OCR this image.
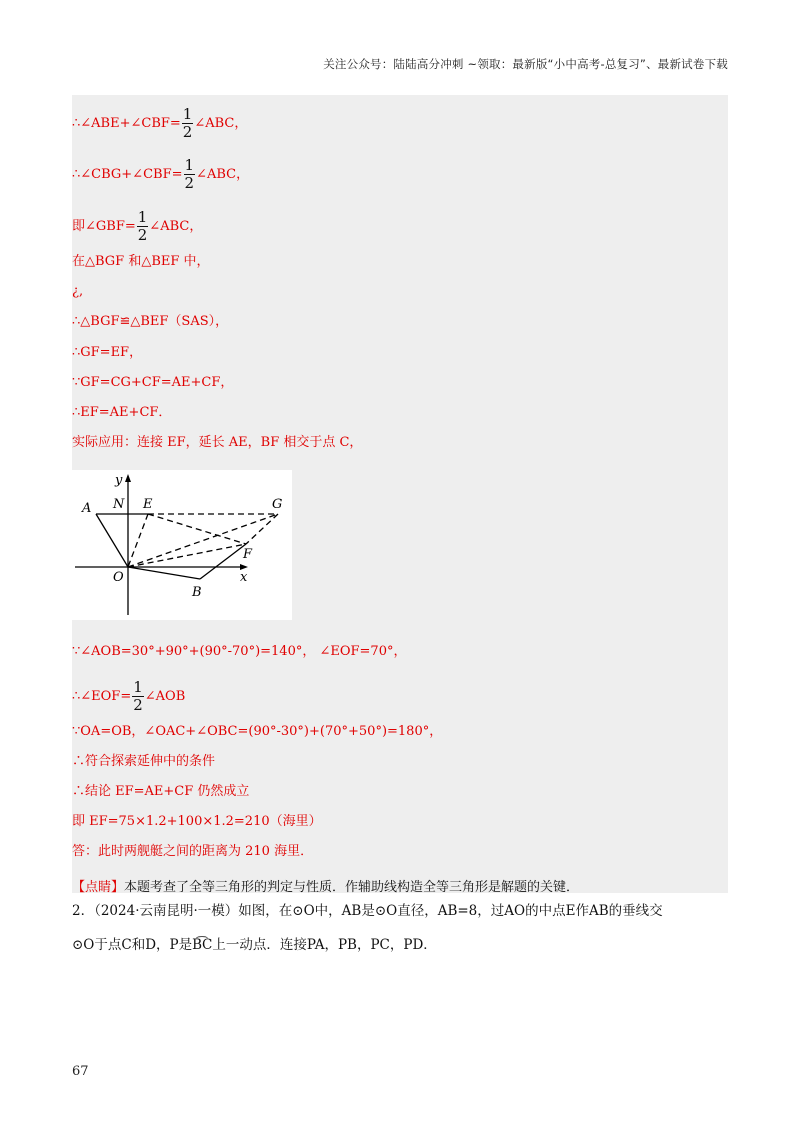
关注公众号：陆陆高分冲刺 ~领取：最新版“小中高考-总复习”、最新试卷下载
∴∠ABE+∠CBF= $\frac{1}{2}$ ∠ABC，
∴∠CBG+∠CBF= $\frac{1}{2}$ ∠ABC，
即∠GBF= $\frac{1}{2}$ ∠ABC，
在△BGF 和△BEF 中，
¿,
∴△BGF≌△BEF（SAS），
∴GF=EF，
∵GF=CG+CF=AE+CF，
∴EF=AE+CF．
实际应用：连接 EF，延长 AE，BF 相交于点 C，
y
x
A N E	G
F
O
B
∵∠AOB=30°+90°+(90°-70°)=140°， ∠EOF=70°，
∴∠EOF= $\frac{1}{2}$ ∠AOB
∵OA=OB，∠OAC+∠OBC=(90°-30°)+(70°+50°)=180°，
∴符合探索延伸中的条件
∴结论 EF=AE+CF 仍然成立
即 EF=75×1.2+100×1.2=210（海里）
答：此时两舰艇之间的距离为 210 海里．
【点睛】本题考查了全等三角形的判定与性质．作辅助线构造全等三角形是解题的关键．
2．（2024·云南昆明·一模）如图，在⊙O中，AB是⊙O直径，AB=8，过AO的中点E作AB的垂线交
⊙O于点C和D，P是B͡C上一动点．连接PA，PB，PC，PD．
67
